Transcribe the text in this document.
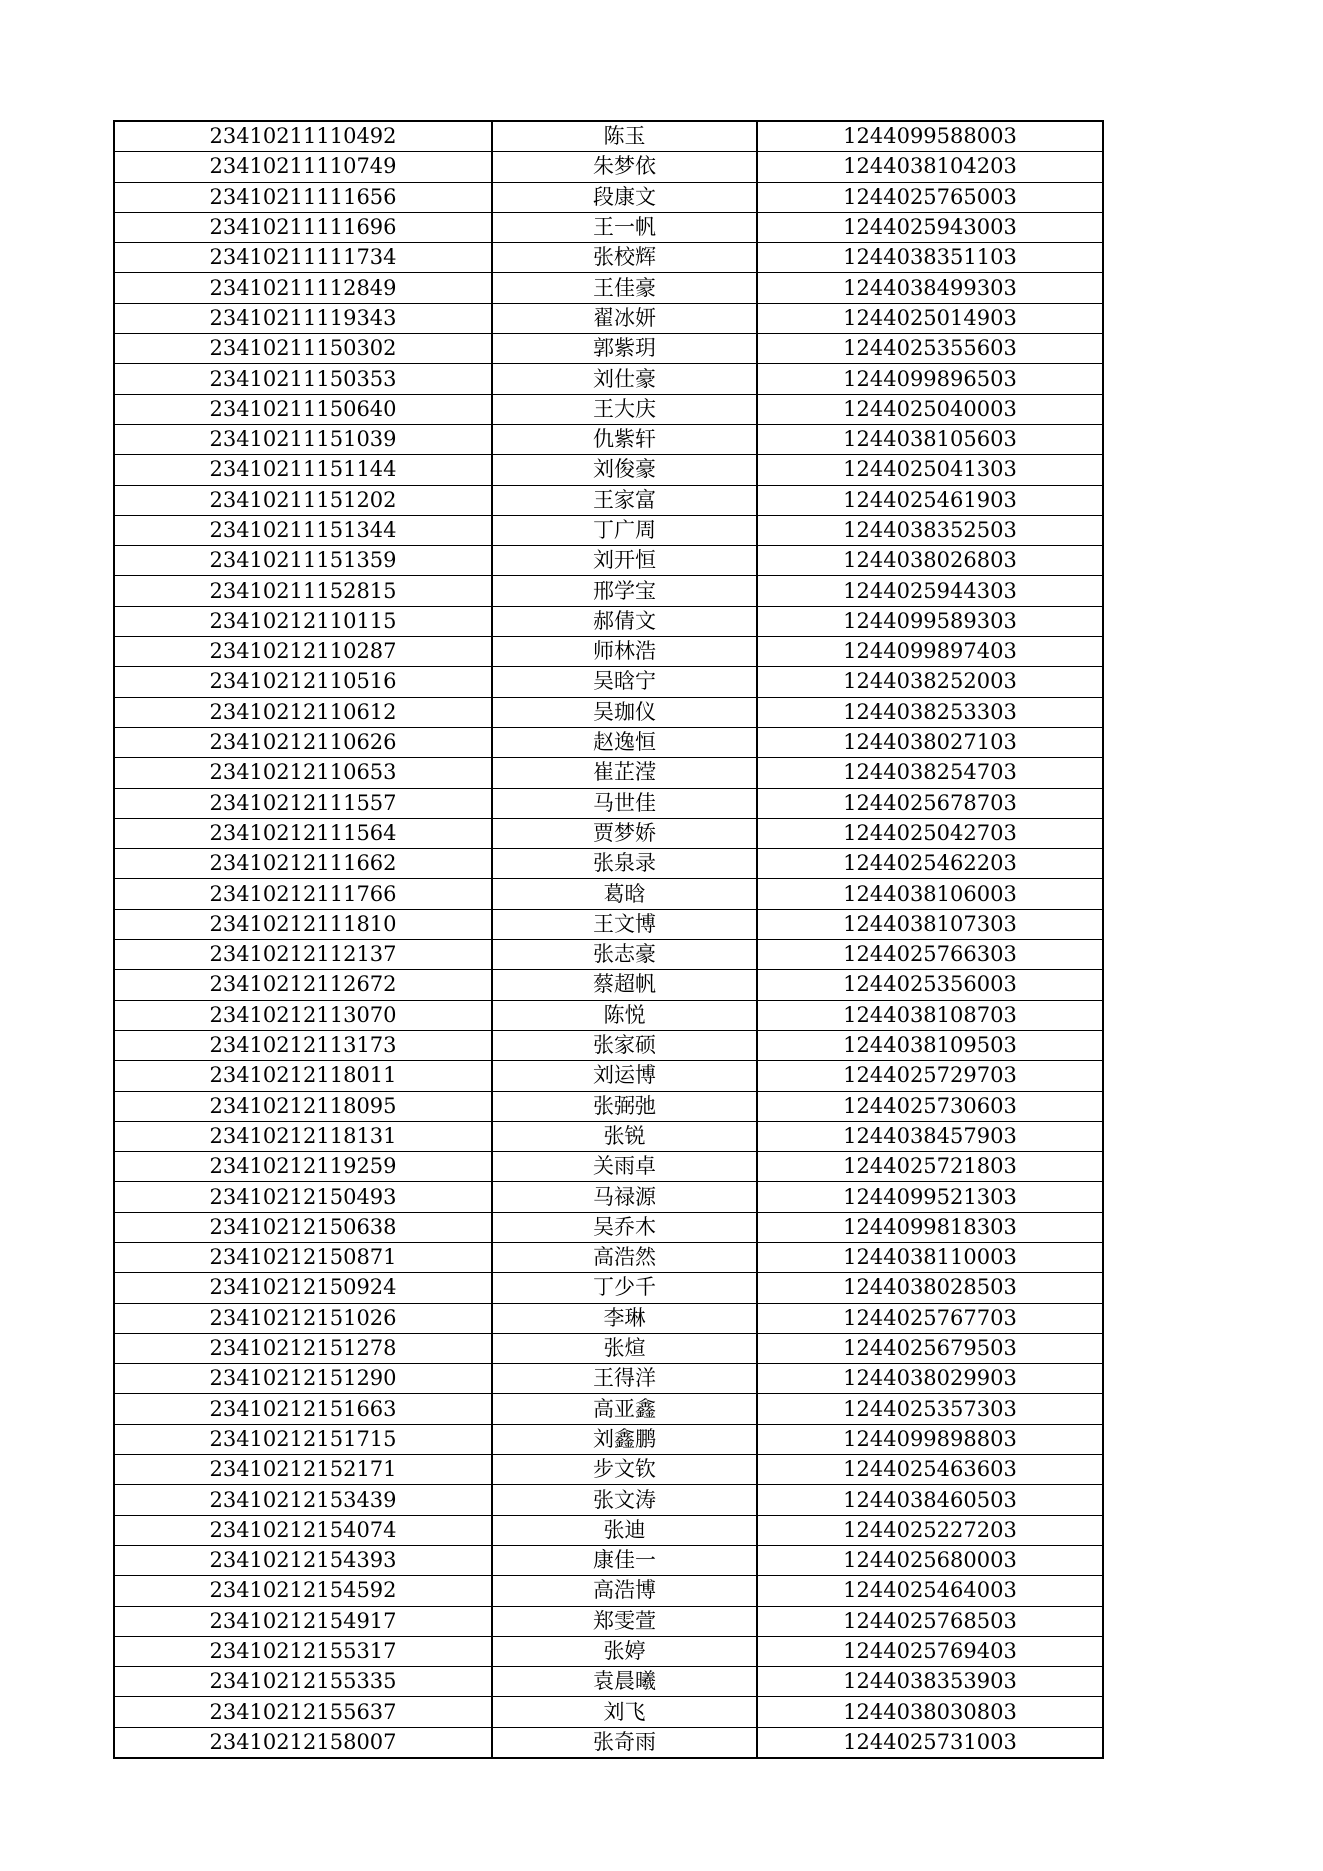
23410211110492	陈玉	1244099588003
23410211110749	朱梦依	1244038104203
23410211111656	段康文	1244025765003
23410211111696	王一帆	1244025943003
23410211111734	张校辉	1244038351103
23410211112849	王佳豪	1244038499303
23410211119343	翟冰妍	1244025014903
23410211150302	郭紫玥	1244025355603
23410211150353	刘仕豪	1244099896503
23410211150640	王大庆	1244025040003
23410211151039	仇紫轩	1244038105603
23410211151144	刘俊豪	1244025041303
23410211151202	王家富	1244025461903
23410211151344	丁广周	1244038352503
23410211151359	刘开恒	1244038026803
23410211152815	邢学宝	1244025944303
23410212110115	郝倩文	1244099589303
23410212110287	师林浩	1244099897403
23410212110516	吴晗宁	1244038252003
23410212110612	吴珈仪	1244038253303
23410212110626	赵逸恒	1244038027103
23410212110653	崔芷滢	1244038254703
23410212111557	马世佳	1244025678703
23410212111564	贾梦娇	1244025042703
23410212111662	张泉录	1244025462203
23410212111766	葛晗	1244038106003
23410212111810	王文博	1244038107303
23410212112137	张志豪	1244025766303
23410212112672	蔡超帆	1244025356003
23410212113070	陈悦	1244038108703
23410212113173	张家硕	1244038109503
23410212118011	刘运博	1244025729703
23410212118095	张弼弛	1244025730603
23410212118131	张锐	1244038457903
23410212119259	关雨卓	1244025721803
23410212150493	马禄源	1244099521303
23410212150638	吴乔木	1244099818303
23410212150871	高浩然	1244038110003
23410212150924	丁少千	1244038028503
23410212151026	李琳	1244025767703
23410212151278	张煊	1244025679503
23410212151290	王得洋	1244038029903
23410212151663	高亚鑫	1244025357303
23410212151715	刘鑫鹏	1244099898803
23410212152171	步文钦	1244025463603
23410212153439	张文涛	1244038460503
23410212154074	张迪	1244025227203
23410212154393	康佳一	1244025680003
23410212154592	高浩博	1244025464003
23410212154917	郑雯萱	1244025768503
23410212155317	张婷	1244025769403
23410212155335	袁晨曦	1244038353903
23410212155637	刘飞	1244038030803
23410212158007	张奇雨	1244025731003
